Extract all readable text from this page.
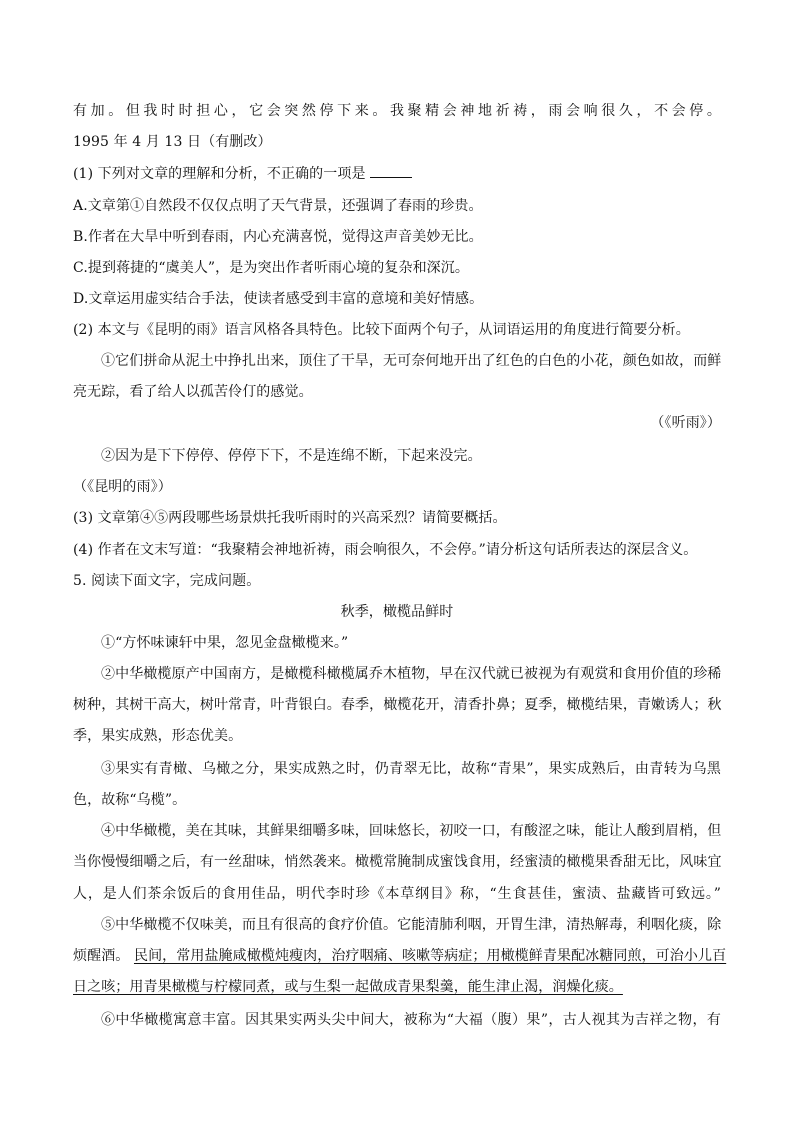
有加。但我时时担心，它会突然停下来。我聚精会神地祈祷，雨会响很久，不会停。
1995 年 4 月 13 日（有删改）
(1) 下列对文章的理解和分析，不正确的一项是
A.文章第①自然段不仅仅点明了天气背景，还强调了春雨的珍贵。
B.作者在大旱中听到春雨，内心充满喜悦，觉得这声音美妙无比。
C.提到蒋捷的“虞美人”，是为突出作者听雨心境的复杂和深沉。
D.文章运用虚实结合手法，使读者感受到丰富的意境和美好情感。
(2) 本文与《昆明的雨》语言风格各具特色。比较下面两个句子，从词语运用的角度进行简要分析。
①它们拼命从泥土中挣扎出来，顶住了干旱，无可奈何地开出了红色的白色的小花，颜色如故，而鲜
亮无踪，看了给人以孤苦伶仃的感觉。
（《听雨》）
②因为是下下停停、停停下下，不是连绵不断，下起来没完。
（《昆明的雨》）
(3) 文章第④⑤两段哪些场景烘托我听雨时的兴高采烈？请简要概括。
(4) 作者在文末写道：“我聚精会神地祈祷，雨会响很久，不会停。”请分析这句话所表达的深层含义。
5. 阅读下面文字，完成问题。
秋季，橄榄品鲜时
①“方怀味谏轩中果，忽见金盘橄榄来。”
②中华橄榄原产中国南方，是橄榄科橄榄属乔木植物，早在汉代就已被视为有观赏和食用价值的珍稀
树种，其树干高大，树叶常青，叶背银白。春季，橄榄花开，清香扑鼻；夏季，橄榄结果，青嫩诱人；秋
季，果实成熟，形态优美。
③果实有青橄、乌橄之分，果实成熟之时，仍青翠无比，故称“青果”，果实成熟后，由青转为乌黑
色，故称“乌榄”。
④中华橄榄，美在其味，其鲜果细嚼多味，回味悠长，初咬一口，有酸涩之味，能让人酸到眉梢，但
当你慢慢细嚼之后，有一丝甜味，悄然袭来。橄榄常腌制成蜜饯食用，经蜜渍的橄榄果香甜无比，风味宜
人，是人们茶余饭后的食用佳品，明代李时珍《本草纲目》称，“生食甚佳，蜜渍、盐藏皆可致远。”
⑤中华橄榄不仅味美，而且有很高的食疗价值。它能清肺利咽，开胃生津，清热解毒，利咽化痰，除
烦醒酒。 民间，常用盐腌咸橄榄炖瘦肉，治疗咽痛、咳嗽等病症；用橄榄鲜青果配冰糖同煎，可治小儿百
日之咳；用青果橄榄与柠檬同煮，或与生梨一起做成青果梨羹，能生津止渴，润燥化痰。
⑥中华橄榄寓意丰富。因其果实两头尖中间大，被称为“大福（腹）果”，古人视其为吉祥之物，有
